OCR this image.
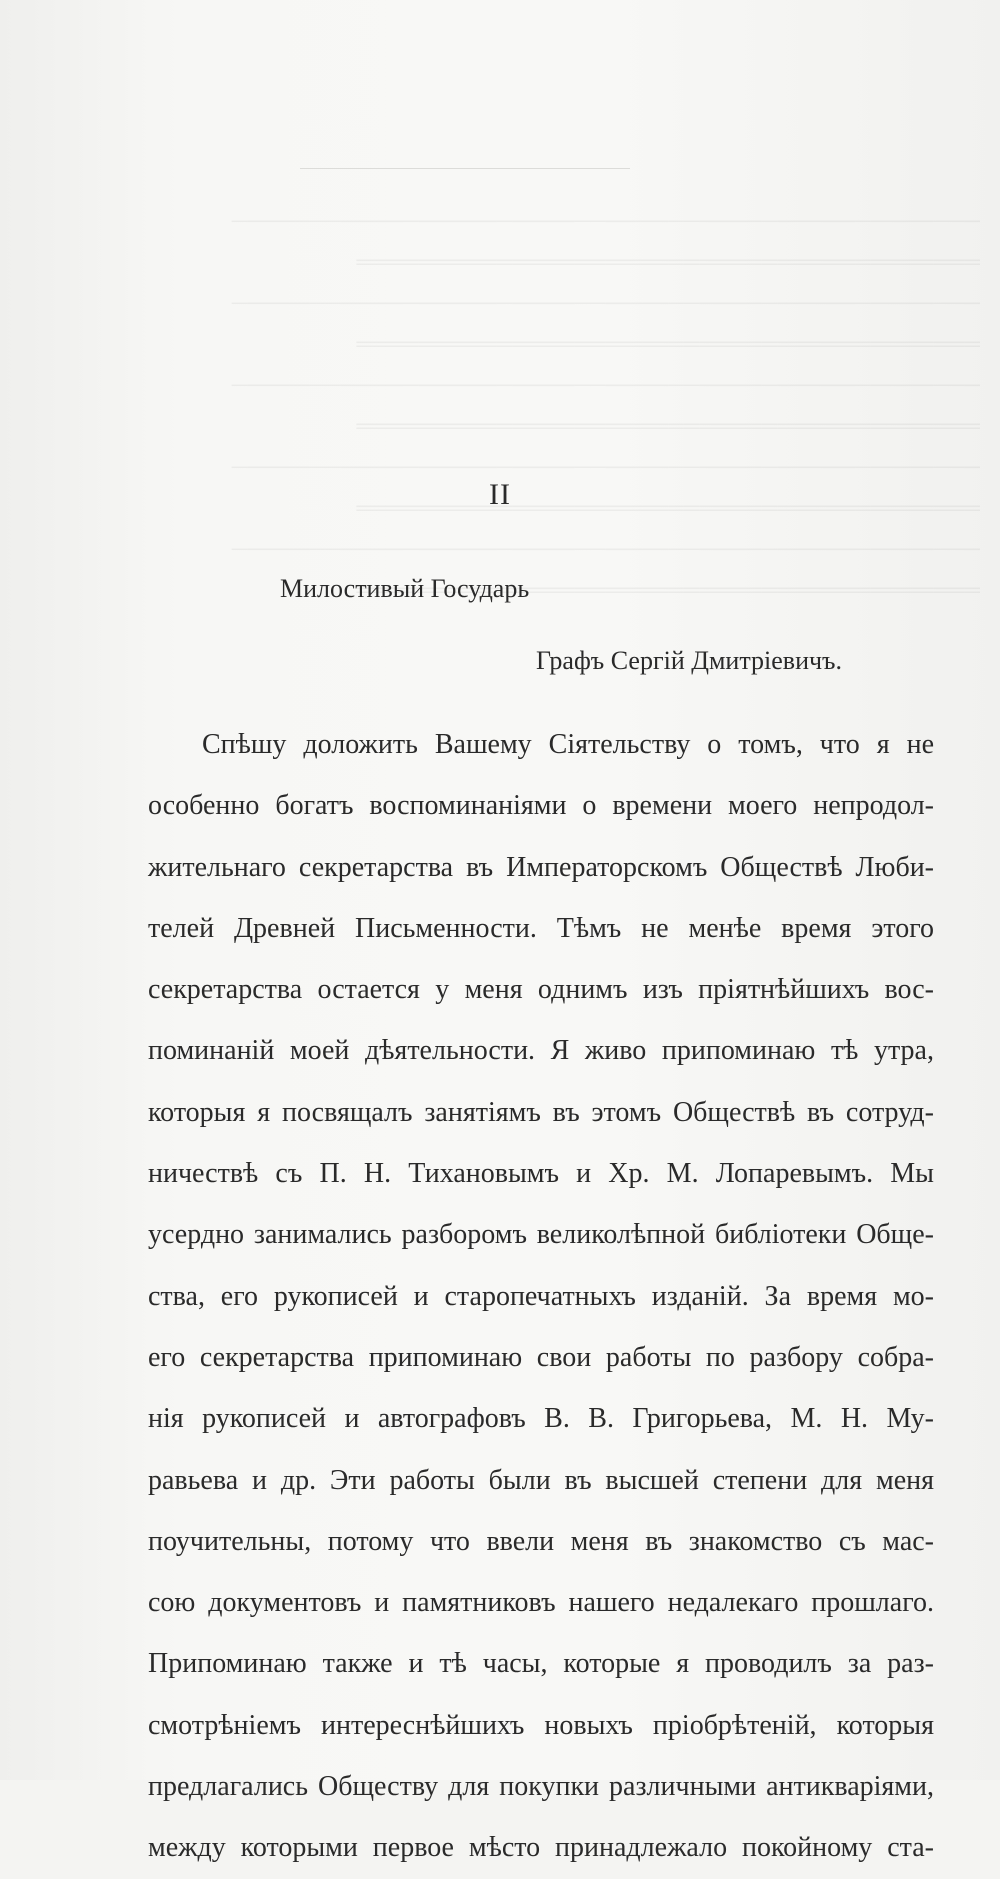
II
Милостивый Государь
Графъ Сергій Дмитріевичъ.
Спѣшу доложить Вашему Сіятельству о томъ, что я не
особенно богатъ воспоминаніями о времени моего непродол-
жительнаго секретарства въ Императорскомъ Обществѣ Люби-
телей Древней Письменности. Тѣмъ не менѣе время этого
секретарства остается у меня однимъ изъ пріятнѣйшихъ вос-
поминаній моей дѣятельности. Я живо припоминаю тѣ утра,
которыя я посвящалъ занятіямъ въ этомъ Обществѣ въ сотруд-
ничествѣ съ П. Н. Тихановымъ и Хр. М. Лопаревымъ. Мы
усердно занимались разборомъ великолѣпной библіотеки Обще-
ства, его рукописей и старопечатныхъ изданій. За время мо-
его секретарства припоминаю свои работы по разбору собра-
нія рукописей и автографовъ В. В. Григорьева, М. Н. Му-
равьева и др. Эти работы были въ высшей степени для меня
поучительны, потому что ввели меня въ знакомство съ мас-
сою документовъ и памятниковъ нашего недалекаго прошлаго.
Припоминаю также и тѣ часы, которые я проводилъ за раз-
смотрѣніемъ интереснѣйшихъ новыхъ пріобрѣтеній, которыя
предлагались Обществу для покупки различными антикваріями,
между которыми первое мѣсто принадлежало покойному ста-
